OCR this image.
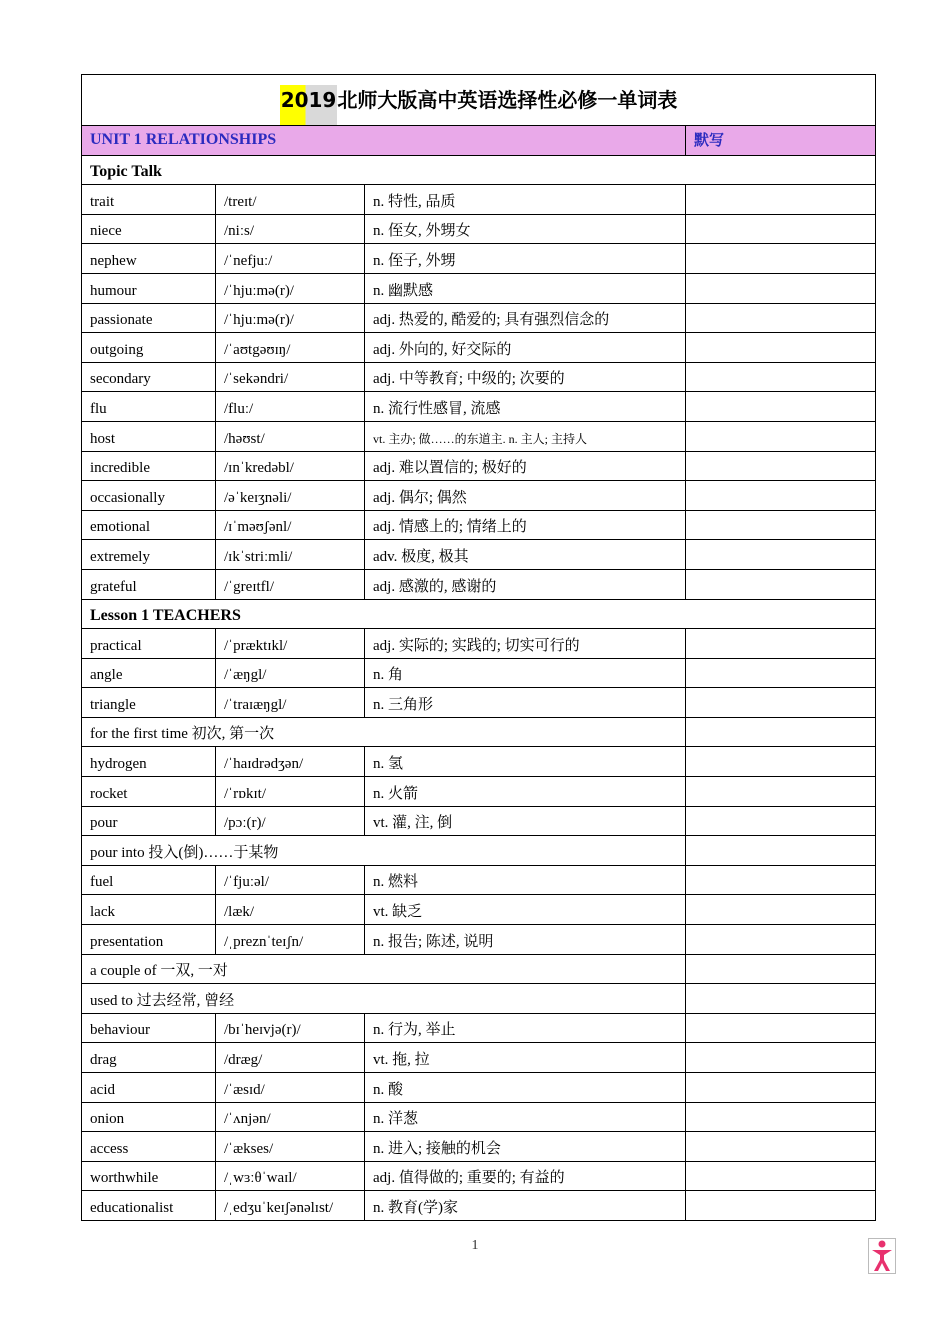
2019北师大版高中英语选择性必修一单词表			
UNIT 1 RELATIONSHIPS			默写
Topic Talk			
trait	/treɪt/	n. 特性, 品质	
niece	/niːs/	n. 侄女, 外甥女	
nephew	/ˈnefjuː/	n. 侄子, 外甥	
humour	/ˈhjuːmə(r)/	n. 幽默感	
passionate	/ˈhjuːmə(r)/	adj. 热爱的, 酷爱的; 具有强烈信念的	
outgoing	/ˈaʊtgəʊɪŋ/	adj. 外向的, 好交际的	
secondary	/ˈsekəndri/	adj. 中等教育; 中级的; 次要的	
flu	/fluː/	n. 流行性感冒, 流感	
host	/həʊst/	vt. 主办; 做……的东道主. n. 主人; 主持人	
incredible	/ɪnˈkredəbl/	adj. 难以置信的; 极好的	
occasionally	/əˈkeɪʒnəli/	adj. 偶尔; 偶然	
emotional	/ɪˈməʊʃənl/	adj. 情感上的; 情绪上的	
extremely	/ɪkˈstriːmli/	adv. 极度, 极其	
grateful	/ˈgreɪtfl/	adj. 感激的, 感谢的	
Lesson 1 TEACHERS			
practical	/ˈpræktɪkl/	adj. 实际的; 实践的; 切实可行的	
angle	/ˈæŋgl/	n. 角	
triangle	/ˈtraɪæŋgl/	n. 三角形	
for the first time 初次, 第一次			
hydrogen	/ˈhaɪdrədʒən/	n. 氢	
rocket	/ˈrɒkɪt/	n. 火箭	
pour	/pɔː(r)/	vt. 灌, 注, 倒	
pour into 投入(倒)……于某物			
fuel	/ˈfjuːəl/	n. 燃料	
lack	/læk/	vt. 缺乏	
presentation	/ˌpreznˈteɪʃn/	n. 报告; 陈述, 说明	
a couple of 一双, 一对			
used to 过去经常, 曾经			
behaviour	/bɪˈheɪvjə(r)/	n. 行为, 举止	
drag	/dræg/	vt. 拖, 拉	
acid	/ˈæsɪd/	n. 酸	
onion	/ˈʌnjən/	n. 洋葱	
access	/ˈækses/	n. 进入; 接触的机会	
worthwhile	/ˌwɜːθˈwaɪl/	adj. 值得做的; 重要的; 有益的	
educationalist	/ˌedʒuˈkeɪʃənəlɪst/	n. 教育(学)家	
1
